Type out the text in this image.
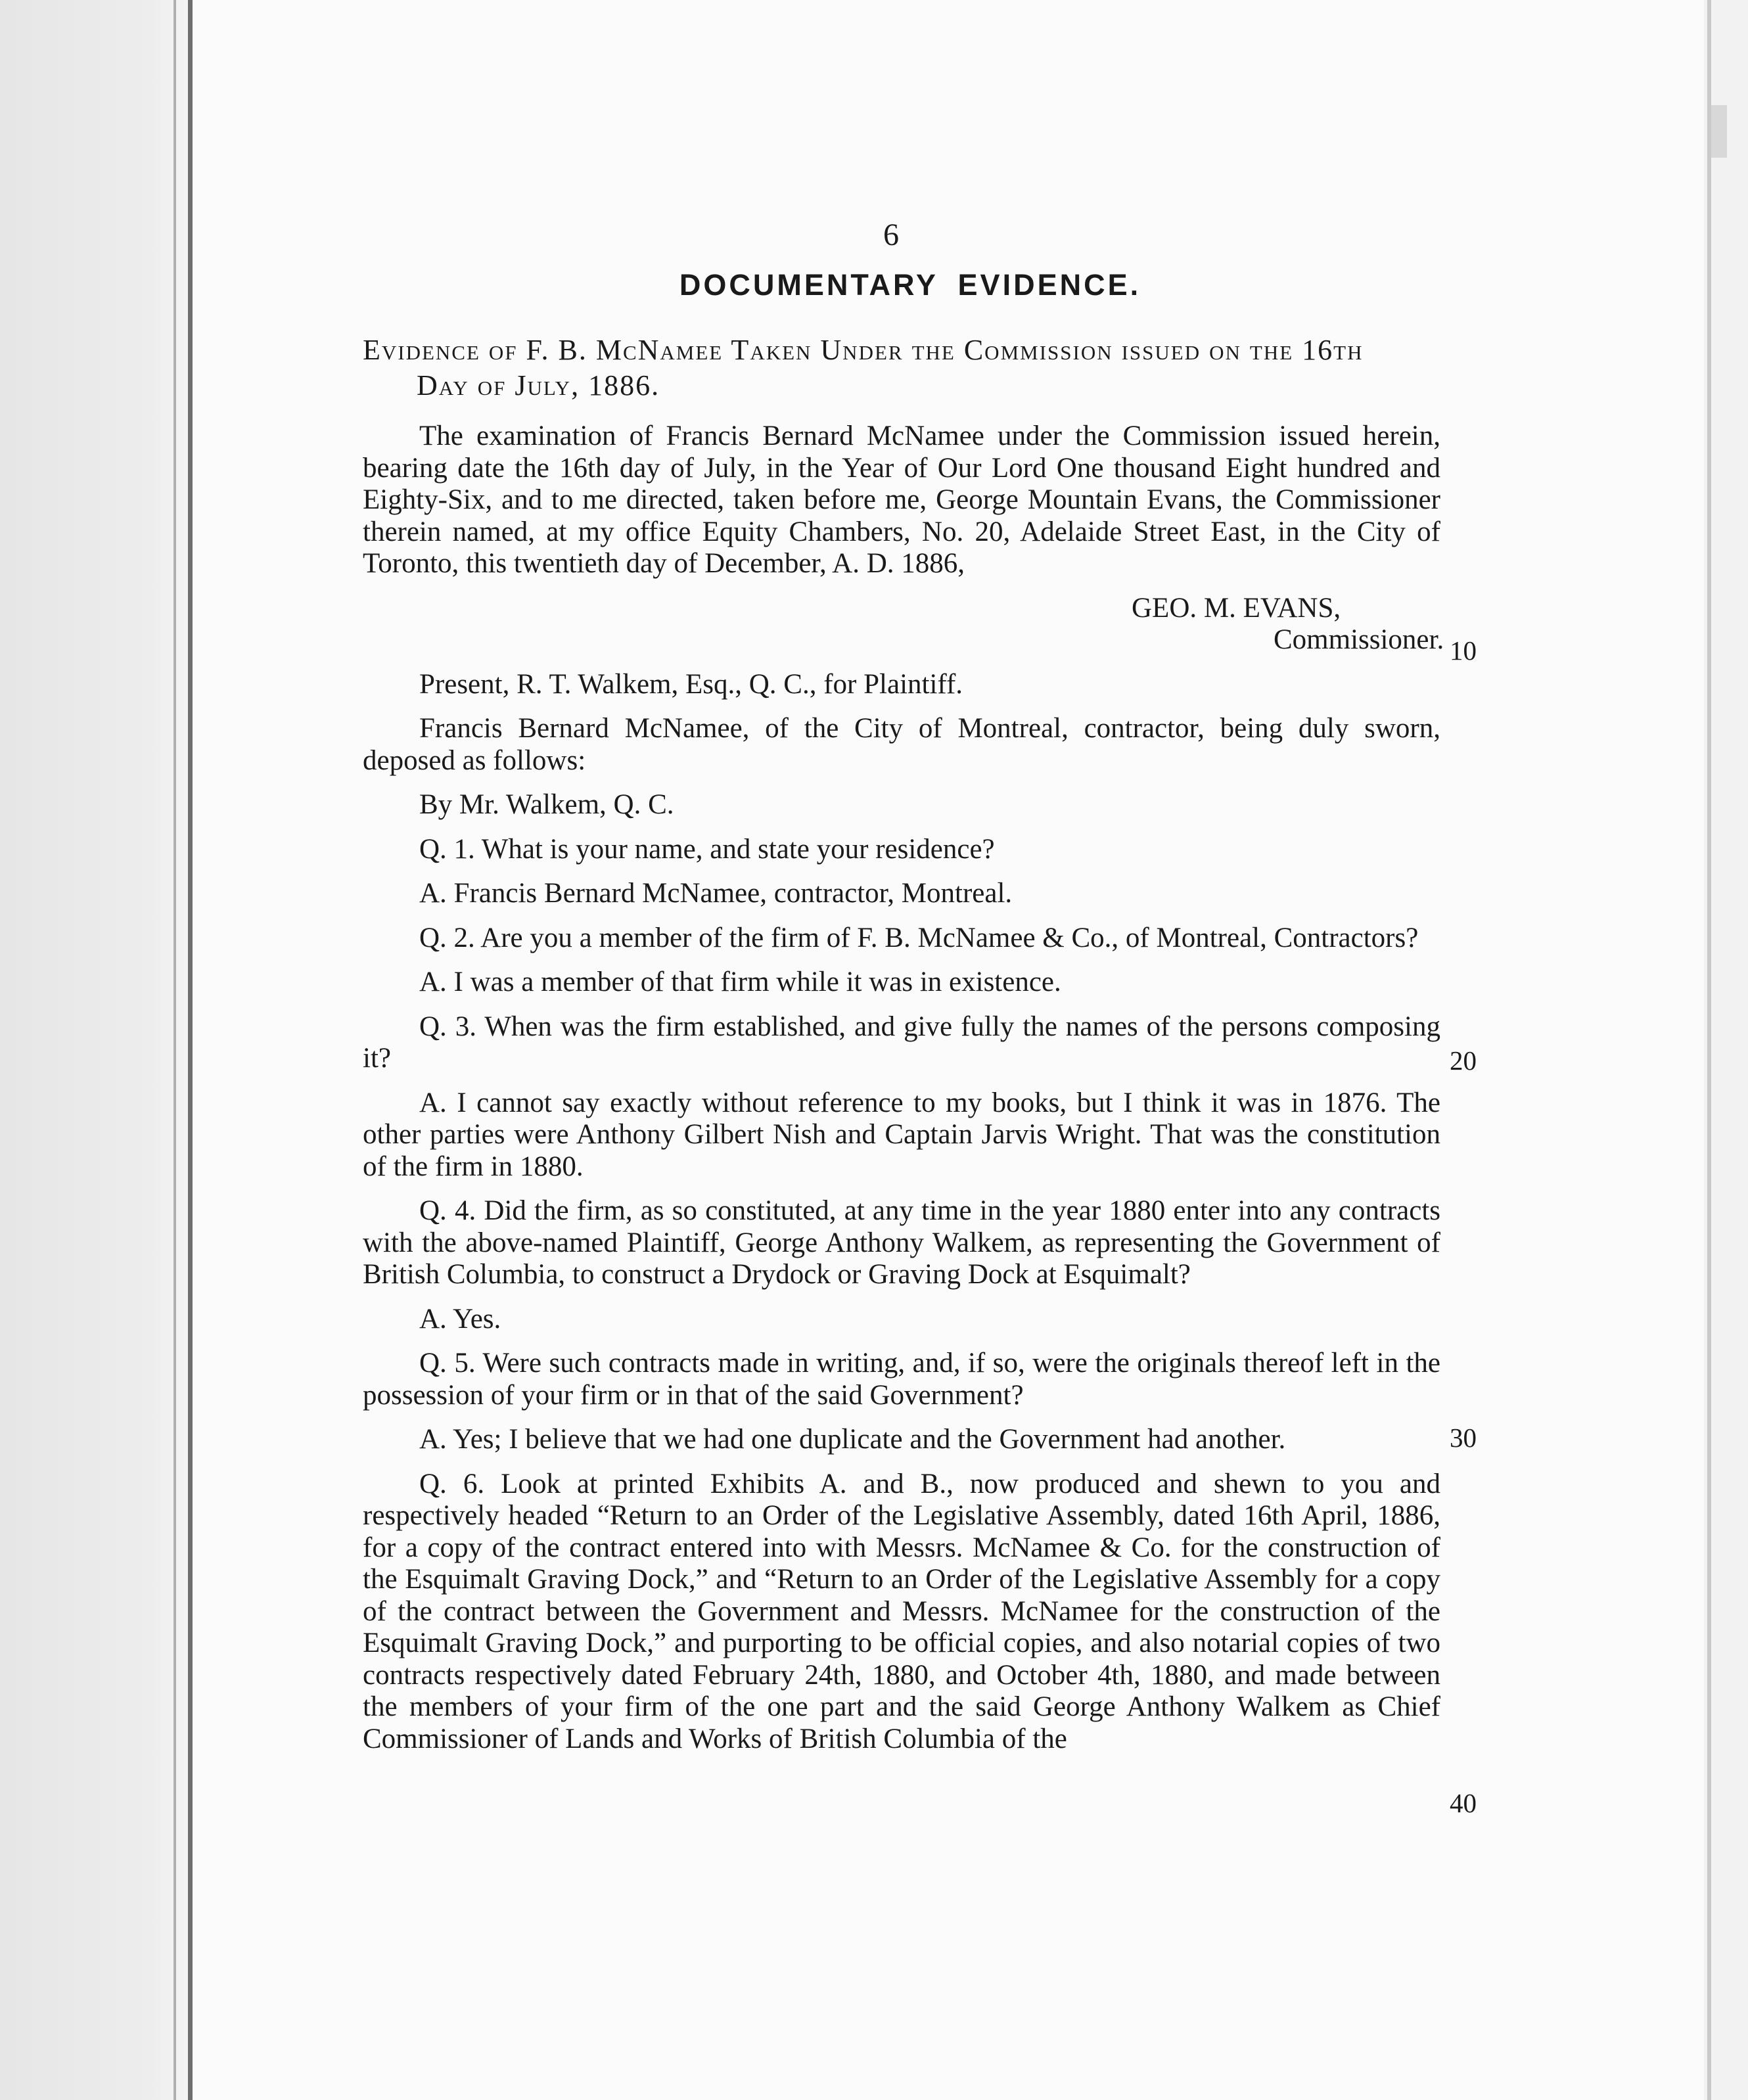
6
DOCUMENTARY EVIDENCE.
Evidence of F. B. McNamee Taken Under the Commission issued on the 16th
Day of July, 1886.

The examination of Francis Bernard McNamee under the Commission issued herein, bearing date the 16th day of July, in the Year of Our Lord One thousand Eight hundred and Eighty-Six, and to me directed, taken before me, George Mountain Evans, the Commissioner therein named, at my office Equity Chambers, No. 20, Adelaide Street East, in the City of Toronto, this twentieth day of December, A. D. 1886,

GEO. M. EVANS,

Commissioner.

Present, R. T. Walkem, Esq., Q. C., for Plaintiff.

Francis Bernard McNamee, of the City of Montreal, contractor, being duly sworn, deposed as follows:

By Mr. Walkem, Q. C.

Q. 1. What is your name, and state your residence?

A. Francis Bernard McNamee, contractor, Montreal.

Q. 2. Are you a member of the firm of F. B. McNamee & Co., of Montreal, Contractors?

A. I was a member of that firm while it was in existence.

Q. 3. When was the firm established, and give fully the names of the persons composing it?

A. I cannot say exactly without reference to my books, but I think it was in 1876. The other parties were Anthony Gilbert Nish and Captain Jarvis Wright. That was the constitution of the firm in 1880.

Q. 4. Did the firm, as so constituted, at any time in the year 1880 enter into any contracts with the above-named Plaintiff, George Anthony Walkem, as representing the Government of British Columbia, to construct a Drydock or Graving Dock at Esquimalt?

A. Yes.

Q. 5. Were such contracts made in writing, and, if so, were the originals thereof left in the possession of your firm or in that of the said Government?

A. Yes; I believe that we had one duplicate and the Government had another.

Q. 6. Look at printed Exhibits A. and B., now produced and shewn to you and respectively headed “Return to an Order of the Legislative Assembly, dated 16th April, 1886, for a copy of the contract entered into with Messrs. McNamee & Co. for the construction of the Esquimalt Graving Dock,” and “Return to an Order of the Legislative Assembly for a copy of the contract between the Government and Messrs. McNamee for the construction of the Esquimalt Graving Dock,” and purporting to be official copies, and also notarial copies of two contracts respectively dated February 24th, 1880, and October 4th, 1880, and made between the members of your firm of the one part and the said George Anthony Walkem as Chief Commissioner of Lands and Works of British Columbia of the

10
20
30
40
